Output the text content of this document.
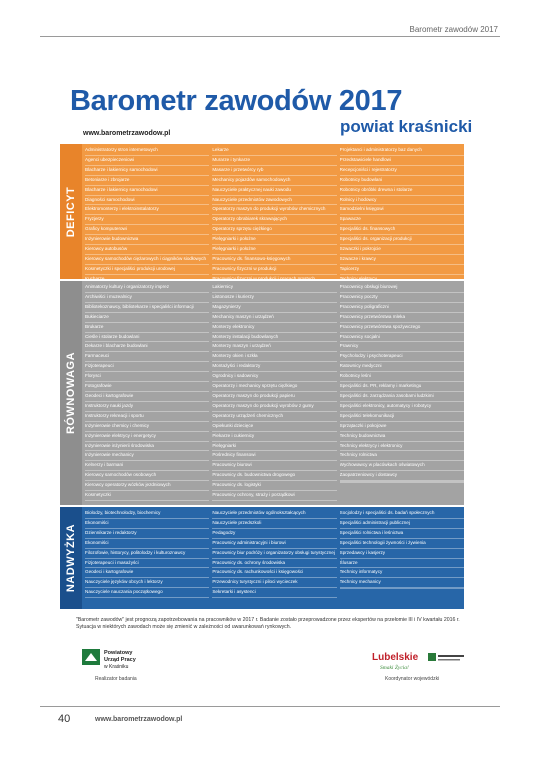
Barometr zawodów 2017
Barometr zawodów 2017
powiat kraśnicki
www.barometrzawodow.pl
DEFICYT
Administratorzy stron internetowych
Agenci ubezpieczeniowi
Blacharze i lakiernicy samochodowi
Betoniarze i zbrojarze
Blacharze i lakiernicy samochodowi
Diagności samochodowi
Elektromonterzy i elektroinstalatorzy
Fryzjerzy
Graficy komputerowi
Inżynierowie budownictwa
Kierowcy autobusów
Kierowcy samochodów ciężarowych i ciągników siodłowych
Kosmetyczki i specjaliści produkcji urodowej
Kucharze
Lekarze
Murarze i tynkarze
Masarze i przetwórcy ryb
Mechanicy pojazdów samochodowych
Nauczyciele praktycznej nauki zawodu
Nauczyciele przedmiotów zawodowych
Operatorzy maszyn do produkcji wyrobów chemicznych
Operatorzy obrabiarek skrawających
Operatorzy sprzętu ciężkiego
Pielęgniarki i położne
Pielęgniarki i położne
Pracownicy ds. finansowo-księgowych
Pracownicy fizyczni w produkcji
Pracownicy fizyczni w produkcji i pracach prostych
Projektanci i administratorzy baz danych
Przedstawiciele handlowi
Recepcjoniści i rejestratorzy
Robotnicy budowlani
Robotnicy obróbki drewna i stolarze
Rolnicy i hodowcy
Samodzielni księgowi
Spawacze
Specjaliści ds. finansowych
Specjaliści ds. organizacji produkcji
Szwaczki i pokrojcie
Szwacze i krawcy
Tapicerzy
Technicy elektrycy
RÓWNOWAGA
Animatorzy kultury i organizatorzy imprez
Archiwiści i muzealnicy
Bibliotekoznawcy, bibliotekarze i specjaliści informacji
Bukieciarze
Brukarze
Cieśle i stolarze budowlani
Dekarze i blacharze budowlani
Farmaceuci
Fizjoterapeuci
Florysci
Fotografowie
Geodeci i kartografowie
Instruktorzy nauki jazdy
Instruktorzy rekreacji i sportu
Inżynierowie chemicy i chemicy
Inżynierowie elektrycy i energetycy
Inżynierowie inżynierii środowiska
Inżynierowie mechanicy
Kelnerzy i barmani
Kierowcy samochodów osobowych
Kierowcy operatorzy wózków jezdniowych
Kosmetyczki
Lakiernicy
Listonosze i kurierzy
Magazynierzy
Mechanicy maszyn i urządzeń
Monterzy elektronicy
Monterzy instalacji budowlanych
Monterzy maszyn i urządzeń
Monterzy okien i szkła
Montażyści i redaktorzy
Ogrodnicy i sadownicy
Operatorzy i mechanicy sprzętu ciężkiego
Operatorzy maszyn do produkcji papieru
Operatorzy maszyn do produkcji wyrobów z gumy
Operatorzy urządzeń chemicznych
Opiekunki dziecięce
Piekarze i cukiernicy
Pielęgniarki
Pośrednicy finansowi
Pracownicy biurowi
Pracownicy ds. budownictwa drogowego
Pracownicy ds. logistyki
Pracownicy ochrony, straży i porządkowi
Pracownicy obsługi biurowej
Pracownicy poczty
Pracownicy poligraficzni
Pracownicy przetwórstwa mleka
Pracownicy przetwórstwa spożywczego
Pracownicy socjalni
Prawnicy
Psycholodzy i psychoterapeuci
Ratownicy medyczni
Robotnicy leśni
Specjaliści ds. PR, reklamy i marketingu
Specjaliści ds. zarządzania zasobami ludzkimi
Specjaliści elektronicy, automatycy i robotycy
Specjaliści telekomunikacji
Sprzątaczki i pokojowe
Technicy budownictwa
Technicy elektrycy i elektronicy
Technicy rolnictwa
Wychowawcy w placówkach oświatowych
Zaopatrzeniowcy i dostawcy
NADWYŻKA
Biolodzy, biotechnolodzy, biochemicy
Ekonomiści
Dziennikarze i redaktorzy
Ekonomiści
Filozofowie, historycy, politolodzy i kulturoznawcy
Fizjoterapeuci i masażyści
Geodeci i kartografowie
Nauczyciele języków obcych i lektorzy
Nauczyciele nauczania początkowego
Nauczyciele przedmiotów ogólnokształcących
Nauczyciele przedszkoli
Pedagodzy
Pracownicy administracyjni i biurowi
Pracownicy biur podróży i organizatorzy obsługi turystycznej
Pracownicy ds. ochrony środowiska
Pracownicy ds. rachunkowości i księgowości
Przewodnicy turystyczni i piloci wycieczek
Sekretarki i asystenci
Socjolodzy i specjaliści ds. badań społecznych
Specjaliści administracji publicznej
Specjaliści rolnictwa i leśnictwa
Specjaliści technologii żywności i żywienia
Sprzedawcy i kasjerzy
Ślusarze
Technicy informatycy
Technicy mechanicy
"Barometr zawodów" jest prognozą zapotrzebowania na pracowników w 2017 r. Badanie zostało przeprowadzone przez ekspertów na przełomie III i IV kwartału 2016 r. Sytuacja w niektórych zawodach może się zmienić w zależności od uwarunkowań rynkowych.
Powiatowy
Urząd Pracy
w Kraśniku
Realizator badania
Lubelskie
Smaki Życia!
Koordynator wojewódzki
40	www.barometrzawodow.pl
